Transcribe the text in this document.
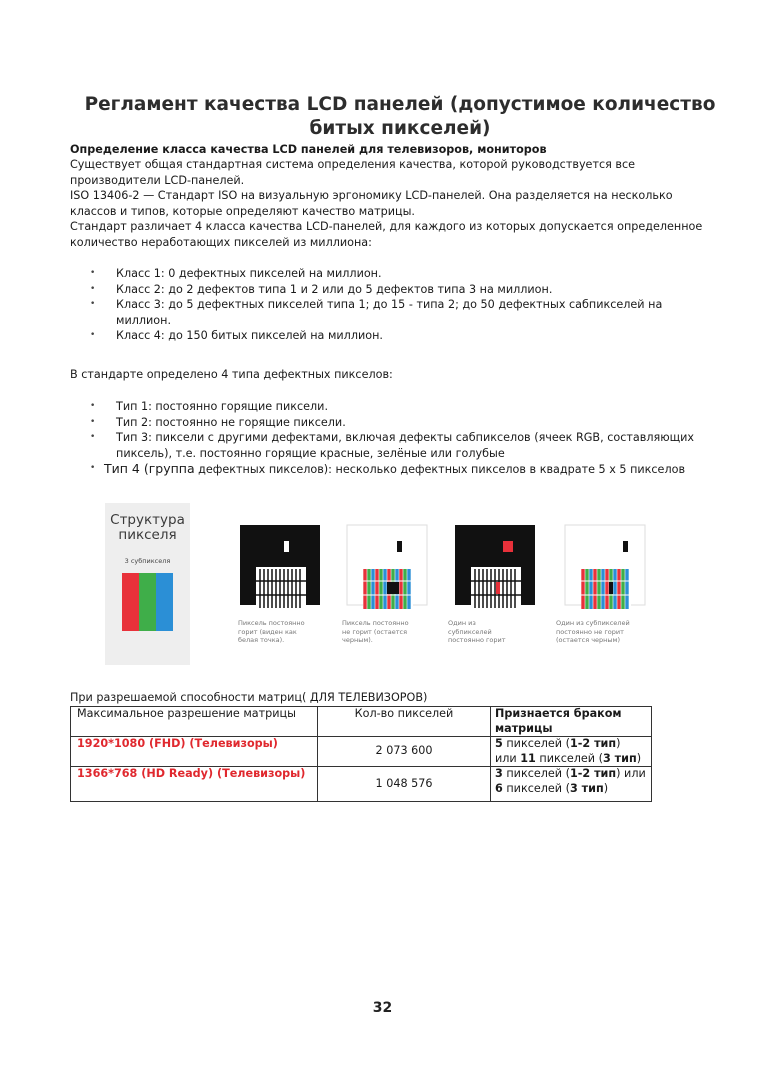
Регламент качества LCD панелей (допустимое количество битых пикселей)
Определение класса качества LCD панелей для телевизоров, мониторов
Существует общая стандартная система определения качества, которой руководствуется все производители LCD-панелей.
ISO 13406-2 — Стандарт ISO на визуальную эргономику LCD-панелей. Она разделяется на несколько классов и типов, которые определяют качество матрицы.
Стандарт различает 4 класса качества LCD-панелей, для каждого из которых допускается определенное количество неработающих пикселей из миллиона:
• Класс 1: 0 дефектных пикселей на миллион.
• Класс 2: до 2 дефектов типа 1 и 2 или до 5 дефектов типа 3 на миллион.
• Класс 3: до 5 дефектных пикселей типа 1; до 15 - типа 2; до 50 дефектных сабпикселей на миллион.
• Класс 4: до 150 битых пикселей на миллион.
В стандарте определено 4 типа дефектных пикселов:
• Тип 1: постоянно горящие пиксели.
• Тип 2: постоянно не горящие пиксели.
• Тип 3: пиксели с другими дефектами, включая дефекты сабпикселов (ячеек RGB, составляющих пиксель), т.е. постоянно горящие красные, зелёные или голубые
• Тип 4 (группа дефектных пикселов): несколько дефектных пикселов в квадрате 5 x 5 пикселов
Структура пикселя
3 субпикселя
Пиксель постоянно горит (виден как белая точка).
Пиксель постоянно не горит (остается черным).
Один из субпикселей постоянно горит
Один из субпикселей постоянно не горит (остается черным)
При разрешаемой способности матриц( ДЛЯ ТЕЛЕВИЗОРОВ)
Максимальное разрешение матрицы	Кол-во пикселей	Признается браком матрицы
1920*1080 (FHD) (Телевизоры)	2 073 600	5 пикселей (1-2 тип)
или 11 пикселей (3 тип)
1366*768 (HD Ready) (Телевизоры)	1 048 576	3 пикселей (1-2 тип) или
6 пикселей (3 тип)
32
